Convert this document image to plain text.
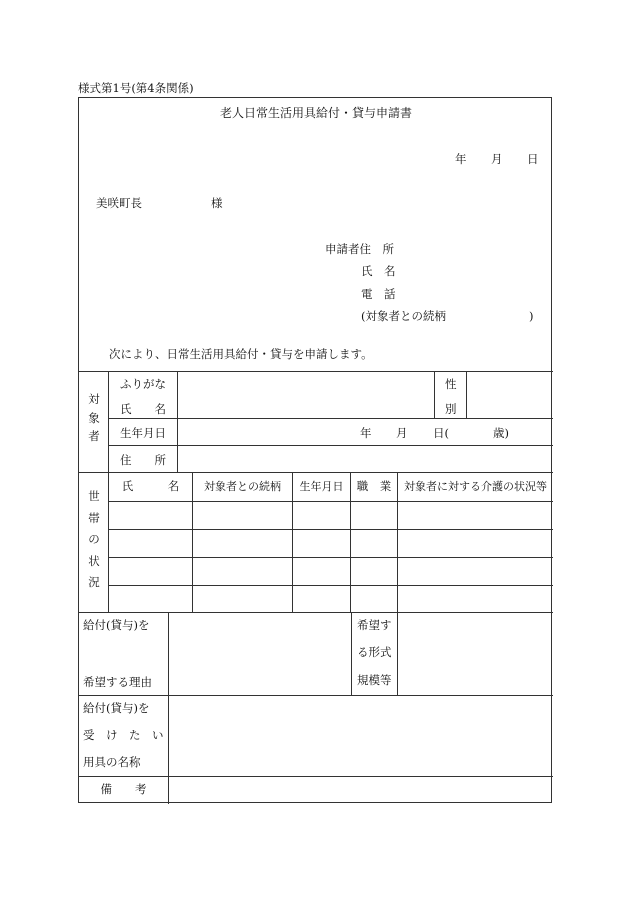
様式第1号(第4条関係)
老人日常生活用具給付・貸与申請書
年 月 日
美咲町長	様
申請者住　所
氏　名
電　話
(対象者との続柄	)
次により、日常生活用具給付・貸与を申請します。
対
象
者
ふりがな
氏　　名
性
別
生年月日	年 月 日(	歳)
住　　所
世
帯
の
状
況
氏　　　名	対象者との続柄	生年月日	職　業	対象者に対する介護の状況等
給付(貸与)を
希望する理由
希望す
る形式
規模等
給付(貸与)を
受　け　た　い
用具の名称
備　　考
